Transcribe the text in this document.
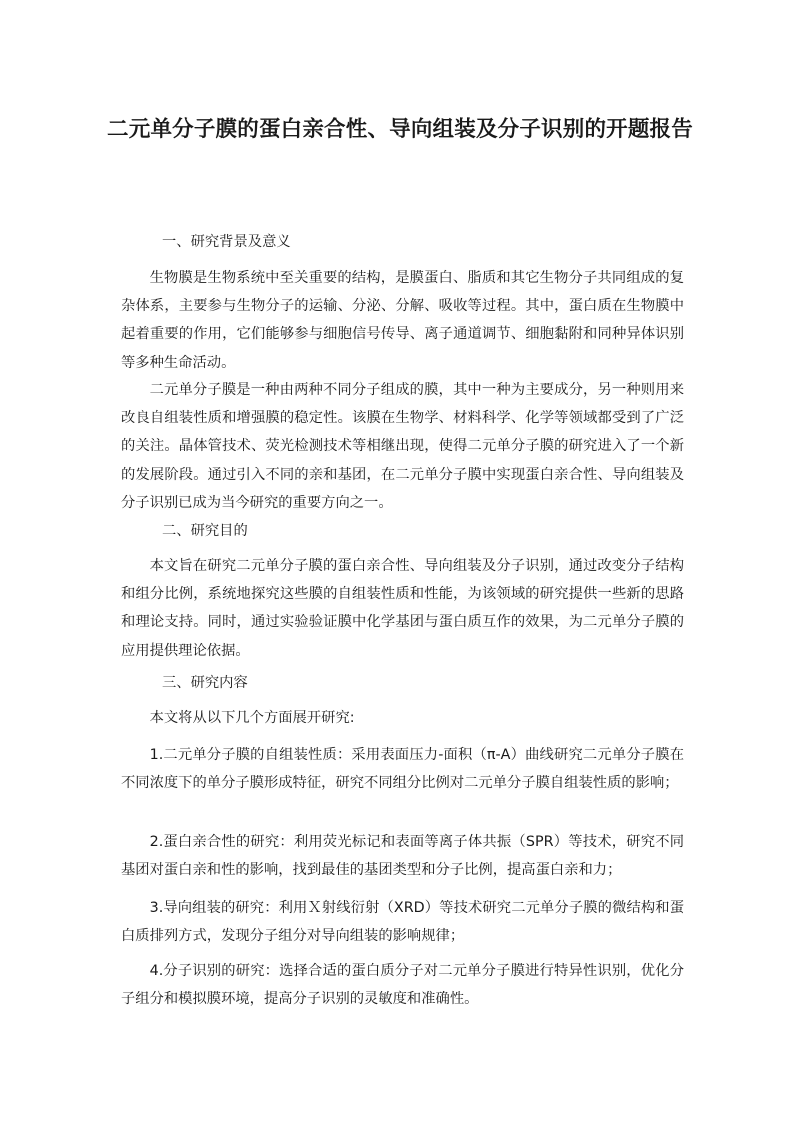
二元单分子膜的蛋白亲合性、导向组装及分子识别的开题报告
一、研究背景及意义

生物膜是生物系统中至关重要的结构，是膜蛋白、脂质和其它生物分子共同组成的复杂体系，主要参与生物分子的运输、分泌、分解、吸收等过程。其中，蛋白质在生物膜中起着重要的作用，它们能够参与细胞信号传导、离子通道调节、细胞黏附和同种异体识别等多种生命活动。

二元单分子膜是一种由两种不同分子组成的膜，其中一种为主要成分，另一种则用来改良自组装性质和增强膜的稳定性。该膜在生物学、材料科学、化学等领域都受到了广泛的关注。晶体管技术、荧光检测技术等相继出现，使得二元单分子膜的研究进入了一个新的发展阶段。通过引入不同的亲和基团，在二元单分子膜中实现蛋白亲合性、导向组装及分子识别已成为当今研究的重要方向之一。

二、研究目的

本文旨在研究二元单分子膜的蛋白亲合性、导向组装及分子识别，通过改变分子结构和组分比例，系统地探究这些膜的自组装性质和性能，为该领域的研究提供一些新的思路和理论支持。同时，通过实验验证膜中化学基团与蛋白质互作的效果，为二元单分子膜的应用提供理论依据。

三、研究内容

本文将从以下几个方面展开研究:

1.二元单分子膜的自组装性质：采用表面压力-面积（π-A）曲线研究二元单分子膜在不同浓度下的单分子膜形成特征，研究不同组分比例对二元单分子膜自组装性质的影响；

2.蛋白亲合性的研究：利用荧光标记和表面等离子体共振（SPR）等技术，研究不同基团对蛋白亲和性的影响，找到最佳的基团类型和分子比例，提高蛋白亲和力；

3.导向组装的研究：利用Ｘ射线衍射（XRD）等技术研究二元单分子膜的微结构和蛋白质排列方式，发现分子组分对导向组装的影响规律；

4.分子识别的研究：选择合适的蛋白质分子对二元单分子膜进行特异性识别，优化分子组分和模拟膜环境，提高分子识别的灵敏度和准确性。
